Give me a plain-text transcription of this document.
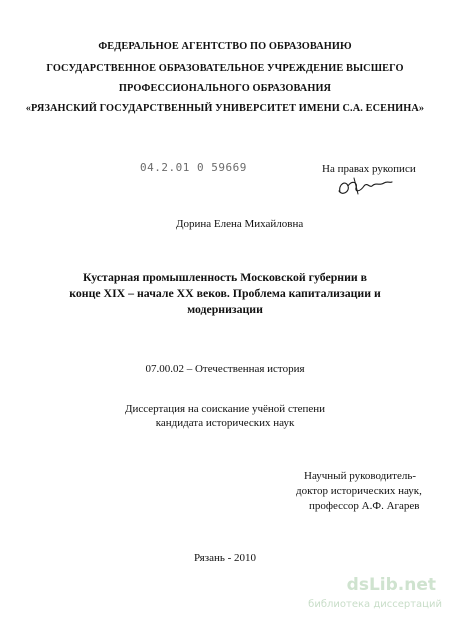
ФЕДЕРАЛЬНОЕ АГЕНТСТВО ПО ОБРАЗОВАНИЮ
ГОСУДАРСТВЕННОЕ ОБРАЗОВАТЕЛЬНОЕ УЧРЕЖДЕНИЕ ВЫСШЕГО
ПРОФЕССИОНАЛЬНОГО ОБРАЗОВАНИЯ
«РЯЗАНСКИЙ ГОСУДАРСТВЕННЫЙ УНИВЕРСИТЕТ ИМЕНИ С.А. ЕСЕНИНА»
04.2.01 0 59669	На правах рукописи
Дорина Елена Михайловна
Кустарная промышленность Московской губернии в
конце XIX – начале XX веков. Проблема капитализации и
модернизации
07.00.02 – Отечественная история
Диссертация на соискание учёной степени
кандидата исторических наук
Научный руководитель-
доктор исторических наук,
профессор А.Ф. Агарев
Рязань - 2010
dsLib.net
библиотека диссертаций
